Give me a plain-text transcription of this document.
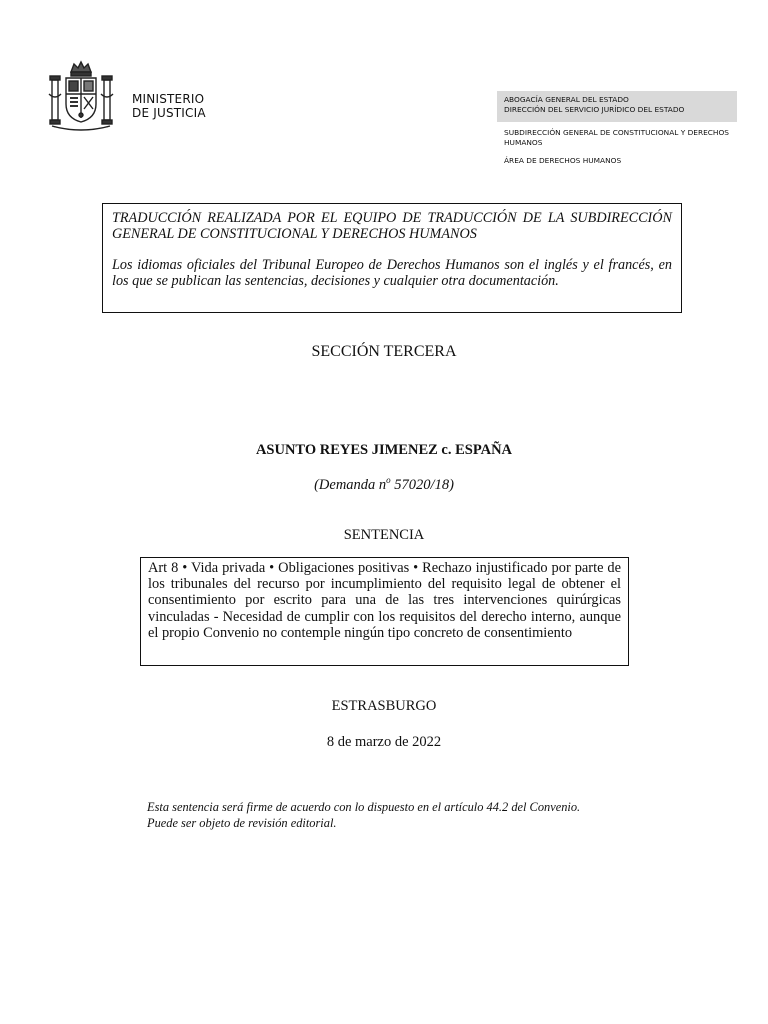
MINISTERIO
DE JUSTICIA
ABOGACÍA GENERAL DEL ESTADO
DIRECCIÓN DEL SERVICIO JURÍDICO DEL ESTADO

SUBDIRECCIÓN GENERAL DE CONSTITUCIONAL Y DERECHOS HUMANOS

ÁREA DE DERECHOS HUMANOS

TRADUCCIÓN REALIZADA POR EL EQUIPO DE TRADUCCIÓN DE LA SUBDIRECCIÓN GENERAL DE CONSTITUCIONAL Y DERECHOS HUMANOS

Los idiomas oficiales del Tribunal Europeo de Derechos Humanos son el inglés y el francés, en los que se publican las sentencias, decisiones y cualquier otra documentación.

SECCIÓN TERCERA
ASUNTO REYES JIMENEZ c. ESPAÑA
(Demanda $n^o$ 57020/18)
SENTENCIA
Art 8 • Vida privada • Obligaciones positivas • Rechazo injustificado por parte de los tribunales del recurso por incumplimiento del requisito legal de obtener el consentimiento por escrito para una de las tres intervenciones quirúrgicas vinculadas - Necesidad de cumplir con los requisitos del derecho interno, aunque el propio Convenio no contemple ningún tipo concreto de consentimiento
ESTRASBURGO
8 de marzo de 2022
Esta sentencia será firme de acuerdo con lo dispuesto en el artículo 44.2 del Convenio. Puede ser objeto de revisión editorial.
